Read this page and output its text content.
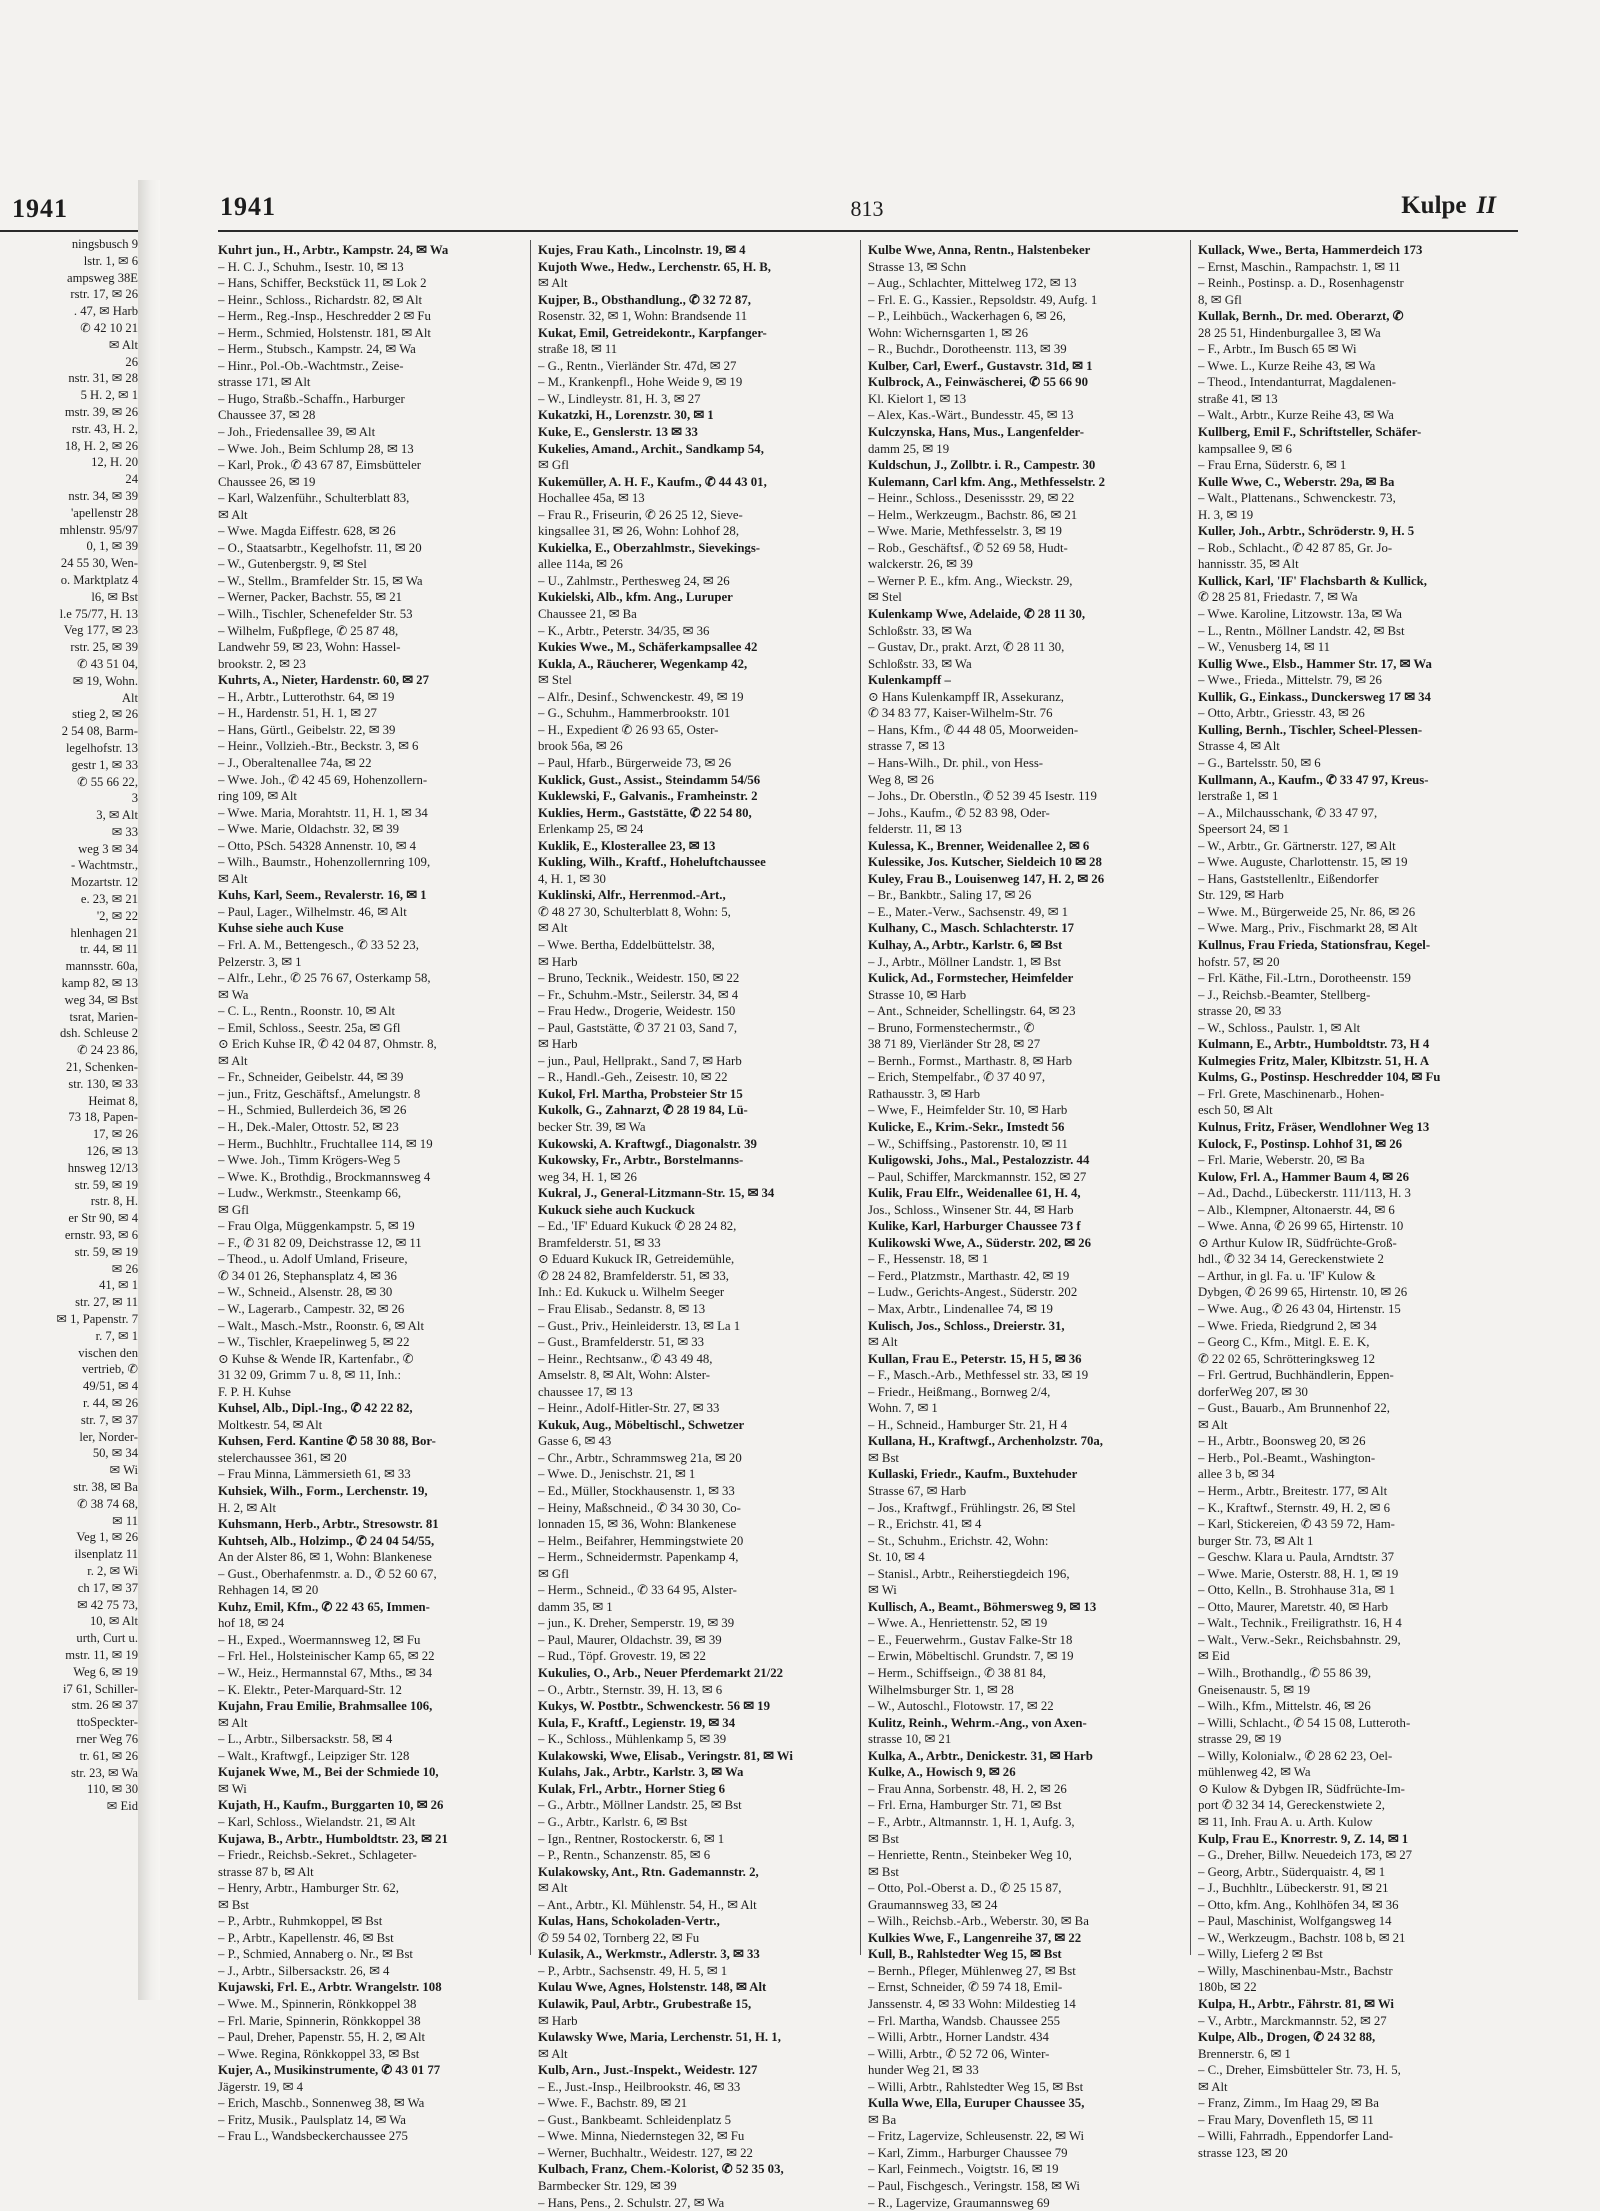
1941
ningsbusch 9
lstr. 1, ✉ 6
ampsweg 38E
rstr. 17, ✉ 26
. 47, ✉ Harb
✆ 42 10 21
✉ Alt
26
nstr. 31, ✉ 28
5 H. 2, ✉ 1
mstr. 39, ✉ 26
rstr. 43, H. 2,
18, H. 2, ✉ 26
12, H. 20
24
nstr. 34, ✉ 39
'apellenstr 28
mhlenstr. 95/97
0, 1, ✉ 39
24 55 30, Wen-
o. Marktplatz 4
l6, ✉ Bst
l.e 75/77, H. 13
Veg 177, ✉ 23
rstr. 25, ✉ 39
✆ 43 51 04,
✉ 19, Wohn.
Alt
stieg 2, ✉ 26
2 54 08, Barm-
legelhofstr. 13
gestr 1, ✉ 33
✆ 55 66 22,
3
3, ✉ Alt
✉ 33
weg 3 ✉ 34
- Wachtmstr.,
Mozartstr. 12
e. 23, ✉ 21
'2, ✉ 22
hlenhagen 21
tr. 44, ✉ 11
mannsstr. 60a,
kamp 82, ✉ 13
weg 34, ✉ Bst
tsrat, Marien-
dsh. Schleuse 2
✆ 24 23 86,
21, Schenken-
str. 130, ✉ 33
Heimat 8,
73 18, Papen-
17, ✉ 26
126, ✉ 13
hnsweg 12/13
str. 59, ✉ 19
rstr. 8, H.
er Str 90, ✉ 4
ernstr. 93, ✉ 6
str. 59, ✉ 19
✉ 26
41, ✉ 1
str. 27, ✉ 11
✉ 1, Papenstr. 7
r. 7, ✉ 1
vischen den
vertrieb, ✆
49/51, ✉ 4
r. 44, ✉ 26
str. 7, ✉ 37
ler, Norder-
50, ✉ 34
✉ Wi
str. 38, ✉ Ba
✆ 38 74 68,
✉ 11
Veg 1, ✉ 26
ilsenplatz 11
r. 2, ✉ Wi
ch 17, ✉ 37
✉ 42 75 73,
10, ✉ Alt
urth, Curt u.
mstr. 11, ✉ 19
Weg 6, ✉ 19
i7 61, Schiller-
stm. 26 ✉ 37
ttoSpeckter-
rner Weg 76
tr. 61, ✉ 26
str. 23, ✉ Wa
110, ✉ 30
✉ Eid
1941	813	Kulpe II
Kuhrt jun., H., Arbtr., Kampstr. 24, ✉ Wa
– H. C. J., Schuhm., Isestr. 10, ✉ 13
– Hans, Schiffer, Beckstück 11, ✉ Lok 2
– Heinr., Schloss., Richardstr. 82, ✉ Alt
– Herm., Reg.-Insp., Heschredder 2 ✉ Fu
– Herm., Schmied, Holstenstr. 181, ✉ Alt
– Herm., Stubsch., Kampstr. 24, ✉ Wa
– Hinr., Pol.-Ob.-Wachtmstr., Zeise-
strasse 171, ✉ Alt
– Hugo, Straßb.-Schaffn., Harburger
Chaussee 37, ✉ 28
– Joh., Friedensallee 39, ✉ Alt
– Wwe. Joh., Beim Schlump 28, ✉ 13
– Karl, Prok., ✆ 43 67 87, Eimsbütteler
Chaussee 26, ✉ 19
– Karl, Walzenführ., Schulterblatt 83,
✉ Alt
– Wwe. Magda Eiffestr. 628, ✉ 26
– O., Staatsarbtr., Kegelhofstr. 11, ✉ 20
– W., Gutenbergstr. 9, ✉ Stel
– W., Stellm., Bramfelder Str. 15, ✉ Wa
– Werner, Packer, Bachstr. 55, ✉ 21
– Wilh., Tischler, Schenefelder Str. 53
– Wilhelm, Fußpflege, ✆ 25 87 48,
Landwehr 59, ✉ 23, Wohn: Hassel-
brookstr. 2, ✉ 23
Kuhrts, A., Nieter, Hardenstr. 60, ✉ 27
– H., Arbtr., Lutterothstr. 64, ✉ 19
– H., Hardenstr. 51, H. 1, ✉ 27
– Hans, Gürtl., Geibelstr. 22, ✉ 39
– Heinr., Vollzieh.-Btr., Beckstr. 3, ✉ 6
– J., Oberaltenallee 74a, ✉ 22
– Wwe. Joh., ✆ 42 45 69, Hohenzollern-
ring 109, ✉ Alt
– Wwe. Maria, Morahtstr. 11, H. 1, ✉ 34
– Wwe. Marie, Oldachstr. 32, ✉ 39
– Otto, PSch. 54328 Annenstr. 10, ✉ 4
– Wilh., Baumstr., Hohenzollernring 109,
✉ Alt
Kuhs, Karl, Seem., Revalerstr. 16, ✉ 1
– Paul, Lager., Wilhelmstr. 46, ✉ Alt
Kuhse siehe auch Kuse
– Frl. A. M., Bettengesch., ✆ 33 52 23,
Pelzerstr. 3, ✉ 1
– Alfr., Lehr., ✆ 25 76 67, Osterkamp 58,
✉ Wa
– C. L., Rentn., Roonstr. 10, ✉ Alt
– Emil, Schloss., Seestr. 25a, ✉ Gfl
⊙ Erich Kuhse IR, ✆ 42 04 87, Ohmstr. 8,
✉ Alt
– Fr., Schneider, Geibelstr. 44, ✉ 39
– jun., Fritz, Geschäftsf., Amelungstr. 8
– H., Schmied, Bullerdeich 36, ✉ 26
– H., Dek.-Maler, Ottostr. 52, ✉ 23
– Herm., Buchhltr., Fruchtallee 114, ✉ 19
– Wwe. Joh., Timm Krögers-Weg 5
– Wwe. K., Brothdig., Brockmannsweg 4
– Ludw., Werkmstr., Steenkamp 66,
✉ Gfl
– Frau Olga, Müggenkampstr. 5, ✉ 19
– F., ✆ 31 82 09, Deichstrasse 12, ✉ 11
– Theod., u. Adolf Umland, Friseure,
✆ 34 01 26, Stephansplatz 4, ✉ 36
– W., Schneid., Alsenstr. 28, ✉ 30
– W., Lagerarb., Campestr. 32, ✉ 26
– Walt., Masch.-Mstr., Roonstr. 6, ✉ Alt
– W., Tischler, Kraepelinweg 5, ✉ 22
⊙ Kuhse & Wende IR, Kartenfabr., ✆
31 32 09, Grimm 7 u. 8, ✉ 11, Inh.:
F. P. H. Kuhse
Kuhsel, Alb., Dipl.-Ing., ✆ 42 22 82,
Moltkestr. 54, ✉ Alt
Kuhsen, Ferd. Kantine ✆ 58 30 88, Bor-
stelerchaussee 361, ✉ 20
– Frau Minna, Lämmersieth 61, ✉ 33
Kuhsiek, Wilh., Form., Lerchenstr. 19,
H. 2, ✉ Alt
Kuhsmann, Herb., Arbtr., Stresowstr. 81
Kuhtseh, Alb., Holzimp., ✆ 24 04 54/55,
An der Alster 86, ✉ 1, Wohn: Blankenese
– Gust., Oberhafenmstr. a. D., ✆ 52 60 67,
Rehhagen 14, ✉ 20
Kuhz, Emil, Kfm., ✆ 22 43 65, Immen-
hof 18, ✉ 24
– H., Exped., Woermannsweg 12, ✉ Fu
– Frl. Hel., Holsteinischer Kamp 65, ✉ 22
– W., Heiz., Hermannstal 67, Mths., ✉ 34
– K. Elektr., Peter-Marquard-Str. 12
Kujahn, Frau Emilie, Brahmsallee 106,
✉ Alt
– L., Arbtr., Silbersackstr. 58, ✉ 4
– Walt., Kraftwgf., Leipziger Str. 128
Kujanek Wwe, M., Bei der Schmiede 10,
✉ Wi
Kujath, H., Kaufm., Burggarten 10, ✉ 26
– Karl, Schloss., Wielandstr. 21, ✉ Alt
Kujawa, B., Arbtr., Humboldtstr. 23, ✉ 21
– Friedr., Reichsb.-Sekret., Schlageter-
strasse 87 b, ✉ Alt
– Henry, Arbtr., Hamburger Str. 62,
✉ Bst
– P., Arbtr., Ruhmkoppel, ✉ Bst
– P., Arbtr., Kapellenstr. 46, ✉ Bst
– P., Schmied, Annaberg o. Nr., ✉ Bst
– J., Arbtr., Silbersackstr. 26, ✉ 4
Kujawski, Frl. E., Arbtr. Wrangelstr. 108
– Wwe. M., Spinnerin, Rönkkoppel 38
– Frl. Marie, Spinnerin, Rönkkoppel 38
– Paul, Dreher, Papenstr. 55, H. 2, ✉ Alt
– Wwe. Regina, Rönkkoppel 33, ✉ Bst
Kujer, A., Musikinstrumente, ✆ 43 01 77
Jägerstr. 19, ✉ 4
– Erich, Maschb., Sonnenweg 38, ✉ Wa
– Fritz, Musik., Paulsplatz 14, ✉ Wa
– Frau L., Wandsbeckerchaussee 275
Kujes, Frau Kath., Lincolnstr. 19, ✉ 4
Kujoth Wwe., Hedw., Lerchenstr. 65, H. B,
✉ Alt
Kujper, B., Obsthandlung., ✆ 32 72 87,
Rosenstr. 32, ✉ 1, Wohn: Brandsende 11
Kukat, Emil, Getreidekontr., Karpfanger-
straße 18, ✉ 11
– G., Rentn., Vierländer Str. 47d, ✉ 27
– M., Krankenpfl., Hohe Weide 9, ✉ 19
– W., Lindleystr. 81, H. 3, ✉ 27
Kukatzki, H., Lorenzstr. 30, ✉ 1
Kuke, E., Genslerstr. 13 ✉ 33
Kukelies, Amand., Archit., Sandkamp 54,
✉ Gfl
Kukemüller, A. H. F., Kaufm., ✆ 44 43 01,
Hochallee 45a, ✉ 13
– Frau R., Friseurin, ✆ 26 25 12, Sieve-
kingsallee 31, ✉ 26, Wohn: Lohhof 28,
Kukielka, E., Oberzahlmstr., Sievekings-
allee 114a, ✉ 26
– U., Zahlmstr., Perthesweg 24, ✉ 26
Kukielski, Alb., kfm. Ang., Luruper
Chaussee 21, ✉ Ba
– K., Arbtr., Peterstr. 34/35, ✉ 36
Kukies Wwe., M., Schäferkampsallee 42
Kukla, A., Räucherer, Wegenkamp 42,
✉ Stel
– Alfr., Desinf., Schwenckestr. 49, ✉ 19
– G., Schuhm., Hammerbrookstr. 101
– H., Expedient ✆ 26 93 65, Oster-
brook 56a, ✉ 26
– Paul, Hfarb., Bürgerweide 73, ✉ 26
Kuklick, Gust., Assist., Steindamm 54/56
Kuklewski, F., Galvanis., Framheinstr. 2
Kuklies, Herm., Gaststätte, ✆ 22 54 80,
Erlenkamp 25, ✉ 24
Kuklik, E., Klosterallee 23, ✉ 13
Kukling, Wilh., Kraftf., Hoheluftchaussee
4, H. 1, ✉ 30
Kuklinski, Alfr., Herrenmod.-Art.,
✆ 48 27 30, Schulterblatt 8, Wohn: 5,
✉ Alt
– Wwe. Bertha, Eddelbüttelstr. 38,
✉ Harb
– Bruno, Tecknik., Weidestr. 150, ✉ 22
– Fr., Schuhm.-Mstr., Seilerstr. 34, ✉ 4
– Frau Hedw., Drogerie, Weidestr. 150
– Paul, Gaststätte, ✆ 37 21 03, Sand 7,
✉ Harb
– jun., Paul, Hellprakt., Sand 7, ✉ Harb
– R., Handl.-Geh., Zeisestr. 10, ✉ 22
Kukol, Frl. Martha, Probsteier Str 15
Kukolk, G., Zahnarzt, ✆ 28 19 84, Lü-
becker Str. 39, ✉ Wa
Kukowski, A. Kraftwgf., Diagonalstr. 39
Kukowsky, Fr., Arbtr., Borstelmanns-
weg 34, H. 1, ✉ 26
Kukral, J., General-Litzmann-Str. 15, ✉ 34
Kukuck siehe auch Kuckuck
– Ed., 'IF' Eduard Kukuck ✆ 28 24 82,
Bramfelderstr. 51, ✉ 33
⊙ Eduard Kukuck IR, Getreidemühle,
✆ 28 24 82, Bramfelderstr. 51, ✉ 33,
Inh.: Ed. Kukuck u. Wilhelm Seeger
– Frau Elisab., Sedanstr. 8, ✉ 13
– Gust., Priv., Heinleiderstr. 13, ✉ La 1
– Gust., Bramfelderstr. 51, ✉ 33
– Heinr., Rechtsanw., ✆ 43 49 48,
Amselstr. 8, ✉ Alt, Wohn: Alster-
chaussee 17, ✉ 13
– Heinr., Adolf-Hitler-Str. 27, ✉ 33
Kukuk, Aug., Möbeltischl., Schwetzer
Gasse 6, ✉ 43
– Chr., Arbtr., Schrammsweg 21a, ✉ 20
– Wwe. D., Jenischstr. 21, ✉ 1
– Ed., Müller, Stockhausenstr. 1, ✉ 33
– Heiny, Maßschneid., ✆ 34 30 30, Co-
lonnaden 15, ✉ 36, Wohn: Blankenese
– Helm., Beifahrer, Hemmingstwiete 20
– Herm., Schneidermstr. Papenkamp 4,
✉ Gfl
– Herm., Schneid., ✆ 33 64 95, Alster-
damm 35, ✉ 1
– jun., K. Dreher, Semperstr. 19, ✉ 39
– Paul, Maurer, Oldachstr. 39, ✉ 39
– Rud., Töpf. Grovestr. 19, ✉ 22
Kukulies, O., Arb., Neuer Pferdemarkt 21/22
– O., Arbtr., Sternstr. 39, H. 13, ✉ 6
Kukys, W. Postbtr., Schwenckestr. 56 ✉ 19
Kula, F., Kraftf., Legienstr. 19, ✉ 34
– K., Schloss., Mühlenkamp 5, ✉ 39
Kulakowski, Wwe, Elisab., Veringstr. 81, ✉ Wi
Kulahs, Jak., Arbtr., Karlstr. 3, ✉ Wa
Kulak, Frl., Arbtr., Horner Stieg 6
– G., Arbtr., Möllner Landstr. 25, ✉ Bst
– G., Arbtr., Karlstr. 6, ✉ Bst
– Ign., Rentner, Rostockerstr. 6, ✉ 1
– P., Rentn., Schanzenstr. 85, ✉ 6
Kulakowsky, Ant., Rtn. Gademannstr. 2,
✉ Alt
– Ant., Arbtr., Kl. Mühlenstr. 54, H., ✉ Alt
Kulas, Hans, Schokoladen-Vertr.,
✆ 59 54 02, Tornberg 22, ✉ Fu
Kulasik, A., Werkmstr., Adlerstr. 3, ✉ 33
– P., Arbtr., Sachsenstr. 49, H. 5, ✉ 1
Kulau Wwe, Agnes, Holstenstr. 148, ✉ Alt
Kulawik, Paul, Arbtr., Grubestraße 15,
✉ Harb
Kulawsky Wwe, Maria, Lerchenstr. 51, H. 1,
✉ Alt
Kulb, Arn., Just.-Inspekt., Weidestr. 127
– E., Just.-Insp., Heilbrookstr. 46, ✉ 33
– Wwe. F., Bachstr. 89, ✉ 21
– Gust., Bankbeamt. Schleidenplatz 5
– Wwe. Minna, Niedernstegen 32, ✉ Fu
– Werner, Buchhaltr., Weidestr. 127, ✉ 22
Kulbach, Franz, Chem.-Kolorist, ✆ 52 35 03,
Barmbecker Str. 129, ✉ 39
– Hans, Pens., 2. Schulstr. 27, ✉ Wa
Kulbe Wwe, Anna, Rentn., Halstenbeker
Strasse 13, ✉ Schn
– Aug., Schlachter, Mittelweg 172, ✉ 13
– Frl. E. G., Kassier., Repsoldstr. 49, Aufg. 1
– P., Leihbüch., Wackerhagen 6, ✉ 26,
Wohn: Wichernsgarten 1, ✉ 26
– R., Buchdr., Dorotheenstr. 113, ✉ 39
Kulber, Carl, Ewerf., Gustavstr. 31d, ✉ 1
Kulbrock, A., Feinwäscherei, ✆ 55 66 90
Kl. Kielort 1, ✉ 13
– Alex, Kas.-Wärt., Bundesstr. 45, ✉ 13
Kulczynska, Hans, Mus., Langenfelder-
damm 25, ✉ 19
Kuldschun, J., Zollbtr. i. R., Campestr. 30
Kulemann, Carl kfm. Ang., Methfesselstr. 2
– Heinr., Schloss., Desenissstr. 29, ✉ 22
– Helm., Werkzeugm., Bachstr. 86, ✉ 21
– Wwe. Marie, Methfesselstr. 3, ✉ 19
– Rob., Geschäftsf., ✆ 52 69 58, Hudt-
walckerstr. 26, ✉ 39
– Werner P. E., kfm. Ang., Wieckstr. 29,
✉ Stel
Kulenkamp Wwe, Adelaide, ✆ 28 11 30,
Schloßstr. 33, ✉ Wa
– Gustav, Dr., prakt. Arzt, ✆ 28 11 30,
Schloßstr. 33, ✉ Wa
Kulenkampff –
⊙ Hans Kulenkampff IR, Assekuranz,
✆ 34 83 77, Kaiser-Wilhelm-Str. 76
– Hans, Kfm., ✆ 44 48 05, Moorweiden-
strasse 7, ✉ 13
– Hans-Wilh., Dr. phil., von Hess-
Weg 8, ✉ 26
– Johs., Dr. Oberstln., ✆ 52 39 45 Isestr. 119
– Johs., Kaufm., ✆ 52 83 98, Oder-
felderstr. 11, ✉ 13
Kulessa, K., Brenner, Weidenallee 2, ✉ 6
Kulessike, Jos. Kutscher, Sieldeich 10 ✉ 28
Kuley, Frau B., Louisenweg 147, H. 2, ✉ 26
– Br., Bankbtr., Saling 17, ✉ 26
– E., Mater.-Verw., Sachsenstr. 49, ✉ 1
Kulhany, C., Masch. Schlachterstr. 17
Kulhay, A., Arbtr., Karlstr. 6, ✉ Bst
– J., Arbtr., Möllner Landstr. 1, ✉ Bst
Kulick, Ad., Formstecher, Heimfelder
Strasse 10, ✉ Harb
– Ant., Schneider, Schellingstr. 64, ✉ 23
– Bruno, Formenstechermstr., ✆
38 71 89, Vierländer Str 28, ✉ 27
– Bernh., Formst., Marthastr. 8, ✉ Harb
– Erich, Stempelfabr., ✆ 37 40 97,
Rathausstr. 3, ✉ Harb
– Wwe, F., Heimfelder Str. 10, ✉ Harb
Kulicke, E., Krim.-Sekr., Imstedt 56
– W., Schiffsing., Pastorenstr. 10, ✉ 11
Kuligowski, Johs., Mal., Pestalozzistr. 44
– Paul, Schiffer, Marckmannstr. 152, ✉ 27
Kulik, Frau Elfr., Weidenallee 61, H. 4,
Jos., Schloss., Winsener Str. 44, ✉ Harb
Kulike, Karl, Harburger Chaussee 73 f
Kulikowski Wwe, A., Süderstr. 202, ✉ 26
– F., Hessenstr. 18, ✉ 1
– Ferd., Platzmstr., Marthastr. 42, ✉ 19
– Ludw., Gerichts-Angest., Süderstr. 202
– Max, Arbtr., Lindenallee 74, ✉ 19
Kulisch, Jos., Schloss., Dreierstr. 31,
✉ Alt
Kullan, Frau E., Peterstr. 15, H 5, ✉ 36
– F., Masch.-Arb., Methfessel str. 33, ✉ 19
– Friedr., Heißmang., Bornweg 2/4,
Wohn. 7, ✉ 1
– H., Schneid., Hamburger Str. 21, H 4
Kullana, H., Kraftwgf., Archenholzstr. 70a,
✉ Bst
Kullaski, Friedr., Kaufm., Buxtehuder
Strasse 67, ✉ Harb
– Jos., Kraftwgf., Frühlingstr. 26, ✉ Stel
– R., Erichstr. 41, ✉ 4
– St., Schuhm., Erichstr. 42, Wohn:
St. 10, ✉ 4
– Stanisl., Arbtr., Reiherstiegdeich 196,
✉ Wi
Kullisch, A., Beamt., Böhmersweg 9, ✉ 13
– Wwe. A., Henriettenstr. 52, ✉ 19
– E., Feuerwehrm., Gustav Falke-Str 18
– Erwin, Möbeltischl. Grundstr. 7, ✉ 19
– Herm., Schiffseign., ✆ 38 81 84,
Wilhelmsburger Str. 1, ✉ 28
– W., Autoschl., Flotowstr. 17, ✉ 22
Kulitz, Reinh., Wehrm.-Ang., von Axen-
strasse 10, ✉ 21
Kulka, A., Arbtr., Denickestr. 31, ✉ Harb
Kulke, A., Howisch 9, ✉ 26
– Frau Anna, Sorbenstr. 48, H. 2, ✉ 26
– Frl. Erna, Hamburger Str. 71, ✉ Bst
– F., Arbtr., Altmannstr. 1, H. 1, Aufg. 3,
✉ Bst
– Henriette, Rentn., Steinbeker Weg 10,
✉ Bst
– Otto, Pol.-Oberst a. D., ✆ 25 15 87,
Graumannsweg 33, ✉ 24
– Wilh., Reichsb.-Arb., Weberstr. 30, ✉ Ba
Kulkies Wwe, F., Langenreihe 37, ✉ 22
Kull, B., Rahlstedter Weg 15, ✉ Bst
– Bernh., Pfleger, Mühlenweg 27, ✉ Bst
– Ernst, Schneider, ✆ 59 74 18, Emil-
Janssenstr. 4, ✉ 33 Wohn: Mildestieg 14
– Frl. Martha, Wandsb. Chaussee 255
– Willi, Arbtr., Horner Landstr. 434
– Willi, Arbtr., ✆ 52 72 06, Winter-
hunder Weg 21, ✉ 33
– Willi, Arbtr., Rahlstedter Weg 15, ✉ Bst
Kulla Wwe, Ella, Euruper Chaussee 35,
✉ Ba
– Fritz, Lagervize, Schleusenstr. 22, ✉ Wi
– Karl, Zimm., Harburger Chaussee 79
– Karl, Feinmech., Voigtstr. 16, ✉ 19
– Paul, Fischgesch., Veringstr. 158, ✉ Wi
– R., Lagervize, Graumannsweg 69
Kullack, Wwe., Berta, Hammerdeich 173
– Ernst, Maschin., Rampachstr. 1, ✉ 11
– Reinh., Postinsp. a. D., Rosenhagenstr
8, ✉ Gfl
Kullak, Bernh., Dr. med. Oberarzt, ✆
28 25 51, Hindenburgallee 3, ✉ Wa
– F., Arbtr., Im Busch 65 ✉ Wi
– Wwe. L., Kurze Reihe 43, ✉ Wa
– Theod., Intendanturrat, Magdalenen-
straße 41, ✉ 13
– Walt., Arbtr., Kurze Reihe 43, ✉ Wa
Kullberg, Emil F., Schriftsteller, Schäfer-
kampsallee 9, ✉ 6
– Frau Erna, Süderstr. 6, ✉ 1
Kulle Wwe, C., Weberstr. 29a, ✉ Ba
– Walt., Plattenans., Schwenckestr. 73,
H. 3, ✉ 19
Kuller, Joh., Arbtr., Schröderstr. 9, H. 5
– Rob., Schlacht., ✆ 42 87 85, Gr. Jo-
hannisstr. 35, ✉ Alt
Kullick, Karl, 'IF' Flachsbarth & Kullick,
✆ 28 25 81, Friedastr. 7, ✉ Wa
– Wwe. Karoline, Litzowstr. 13a, ✉ Wa
– L., Rentn., Möllner Landstr. 42, ✉ Bst
– W., Venusberg 14, ✉ 11
Kullig Wwe., Elsb., Hammer Str. 17, ✉ Wa
– Wwe., Frieda., Mittelstr. 79, ✉ 26
Kullik, G., Einkass., Dunckersweg 17 ✉ 34
– Otto, Arbtr., Griesstr. 43, ✉ 26
Kulling, Bernh., Tischler, Scheel-Plessen-
Strasse 4, ✉ Alt
– G., Bartelsstr. 50, ✉ 6
Kullmann, A., Kaufm., ✆ 33 47 97, Kreus-
lerstraße 1, ✉ 1
– A., Milchausschank, ✆ 33 47 97,
Speersort 24, ✉ 1
– W., Arbtr., Gr. Gärtnerstr. 127, ✉ Alt
– Wwe. Auguste, Charlottenstr. 15, ✉ 19
– Hans, Gaststellenltr., Eißendorfer
Str. 129, ✉ Harb
– Wwe. M., Bürgerweide 25, Nr. 86, ✉ 26
– Wwe. Marg., Priv., Fischmarkt 28, ✉ Alt
Kullnus, Frau Frieda, Stationsfrau, Kegel-
hofstr. 57, ✉ 20
– Frl. Käthe, Fil.-Ltrn., Dorotheenstr. 159
– J., Reichsb.-Beamter, Stellberg-
strasse 20, ✉ 33
– W., Schloss., Paulstr. 1, ✉ Alt
Kulmann, E., Arbtr., Humboldtstr. 73, H 4
Kulmegies Fritz, Maler, Klbitzstr. 51, H. A
Kulms, G., Postinsp. Heschredder 104, ✉ Fu
– Frl. Grete, Maschinenarb., Hohen-
esch 50, ✉ Alt
Kulnus, Fritz, Fräser, Wendlohner Weg 13
Kulock, F., Postinsp. Lohhof 31, ✉ 26
– Frl. Marie, Weberstr. 20, ✉ Ba
Kulow, Frl. A., Hammer Baum 4, ✉ 26
– Ad., Dachd., Lübeckerstr. 111/113, H. 3
– Alb., Klempner, Altonaerstr. 44, ✉ 6
– Wwe. Anna, ✆ 26 99 65, Hirtenstr. 10
⊙ Arthur Kulow IR, Südfrüchte-Groß-
hdl., ✆ 32 34 14, Gereckenstwiete 2
– Arthur, in gl. Fa. u. 'IF' Kulow &
Dybgen, ✆ 26 99 65, Hirtenstr. 10, ✉ 26
– Wwe. Aug., ✆ 26 43 04, Hirtenstr. 15
– Wwe. Frieda, Riedgrund 2, ✉ 34
– Georg C., Kfm., Mitgl. E. E. K,
✆ 22 02 65, Schrötteringksweg 12
– Frl. Gertrud, Buchhändlerin, Eppen-
dorferWeg 207, ✉ 30
– Gust., Bauarb., Am Brunnenhof 22,
✉ Alt
– H., Arbtr., Boonsweg 20, ✉ 26
– Herb., Pol.-Beamt., Washington-
allee 3 b, ✉ 34
– Herm., Arbtr., Breitestr. 177, ✉ Alt
– K., Kraftwf., Sternstr. 49, H. 2, ✉ 6
– Karl, Stickereien, ✆ 43 59 72, Ham-
burger Str. 73, ✉ Alt 1
– Geschw. Klara u. Paula, Arndtstr. 37
– Wwe. Marie, Osterstr. 88, H. 1, ✉ 19
– Otto, Kelln., B. Strohhause 31a, ✉ 1
– Otto, Maurer, Maretstr. 40, ✉ Harb
– Walt., Technik., Freiligrathstr. 16, H 4
– Walt., Verw.-Sekr., Reichsbahnstr. 29,
✉ Eid
– Wilh., Brothandlg., ✆ 55 86 39,
Gneisenaustr. 5, ✉ 19
– Wilh., Kfm., Mittelstr. 46, ✉ 26
– Willi, Schlacht., ✆ 54 15 08, Lutteroth-
strasse 29, ✉ 19
– Willy, Kolonialw., ✆ 28 62 23, Oel-
mühlenweg 42, ✉ Wa
⊙ Kulow & Dybgen IR, Südfrüchte-Im-
port ✆ 32 34 14, Gereckenstwiete 2,
✉ 11, Inh. Frau A. u. Arth. Kulow
Kulp, Frau E., Knorrestr. 9, Z. 14, ✉ 1
– G., Dreher, Billw. Neuedeich 173, ✉ 27
– Georg, Arbtr., Süderquaistr. 4, ✉ 1
– J., Buchhltr., Lübeckerstr. 91, ✉ 21
– Otto, kfm. Ang., Kohlhöfen 34, ✉ 36
– Paul, Maschinist, Wolfgangsweg 14
– W., Werkzeugm., Bachstr. 108 b, ✉ 21
– Willy, Lieferg 2 ✉ Bst
– Willy, Maschinenbau-Mstr., Bachstr
180b, ✉ 22
Kulpa, H., Arbtr., Fährstr. 81, ✉ Wi
– V., Arbtr., Marckmannstr. 52, ✉ 27
Kulpe, Alb., Drogen, ✆ 24 32 88,
Brennerstr. 6, ✉ 1
– C., Dreher, Eimsbütteler Str. 73, H. 5,
✉ Alt
– Franz, Zimm., Im Haag 29, ✉ Ba
– Frau Mary, Dovenfleth 15, ✉ 11
– Willi, Fahrradh., Eppendorfer Land-
strasse 123, ✉ 20
